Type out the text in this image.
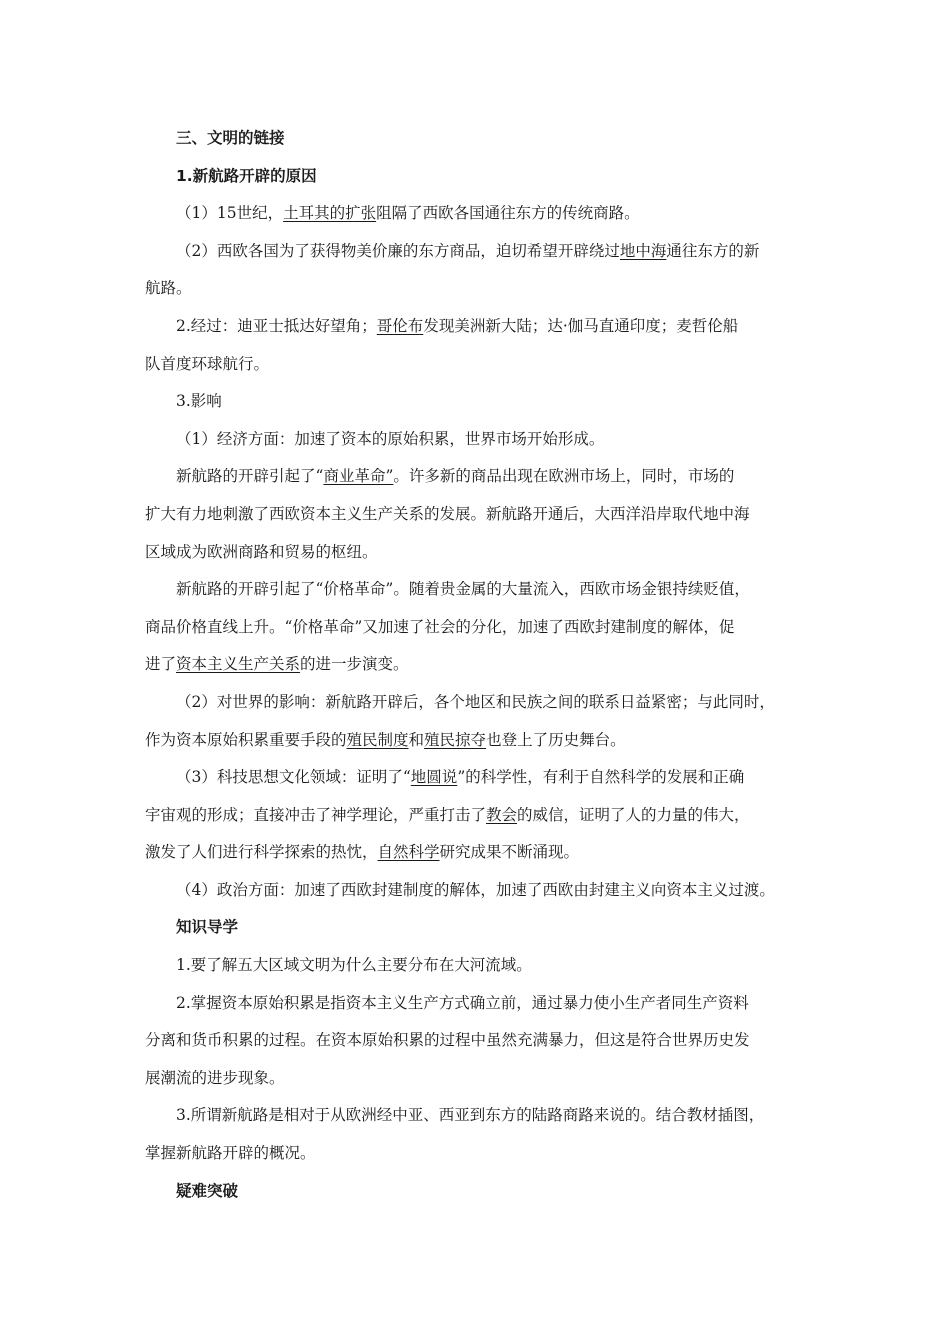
三、文明的链接
1.新航路开辟的原因
（1）15世纪，土耳其的扩张阻隔了西欧各国通往东方的传统商路。
（2）西欧各国为了获得物美价廉的东方商品，迫切希望开辟绕过地中海通往东方的新
航路。
2.经过：迪亚士抵达好望角；哥伦布发现美洲新大陆；达·伽马直通印度；麦哲伦船
队首度环球航行。
3.影响
（1）经济方面：加速了资本的原始积累，世界市场开始形成。
新航路的开辟引起了“商业革命”。许多新的商品出现在欧洲市场上，同时，市场的
扩大有力地刺激了西欧资本主义生产关系的发展。新航路开通后，大西洋沿岸取代地中海
区域成为欧洲商路和贸易的枢纽。
新航路的开辟引起了“价格革命”。随着贵金属的大量流入，西欧市场金银持续贬值，
商品价格直线上升。“价格革命”又加速了社会的分化，加速了西欧封建制度的解体，促
进了资本主义生产关系的进一步演变。
（2）对世界的影响：新航路开辟后，各个地区和民族之间的联系日益紧密；与此同时，
作为资本原始积累重要手段的殖民制度和殖民掠夺也登上了历史舞台。
（3）科技思想文化领域：证明了“地圆说”的科学性，有利于自然科学的发展和正确
宇宙观的形成；直接冲击了神学理论，严重打击了教会的威信，证明了人的力量的伟大，
激发了人们进行科学探索的热忱，自然科学研究成果不断涌现。
（4）政治方面：加速了西欧封建制度的解体，加速了西欧由封建主义向资本主义过渡。
知识导学
1.要了解五大区域文明为什么主要分布在大河流域。
2.掌握资本原始积累是指资本主义生产方式确立前，通过暴力使小生产者同生产资料
分离和货币积累的过程。在资本原始积累的过程中虽然充满暴力，但这是符合世界历史发
展潮流的进步现象。
3.所谓新航路是相对于从欧洲经中亚、西亚到东方的陆路商路来说的。结合教材插图，
掌握新航路开辟的概况。
疑难突破
